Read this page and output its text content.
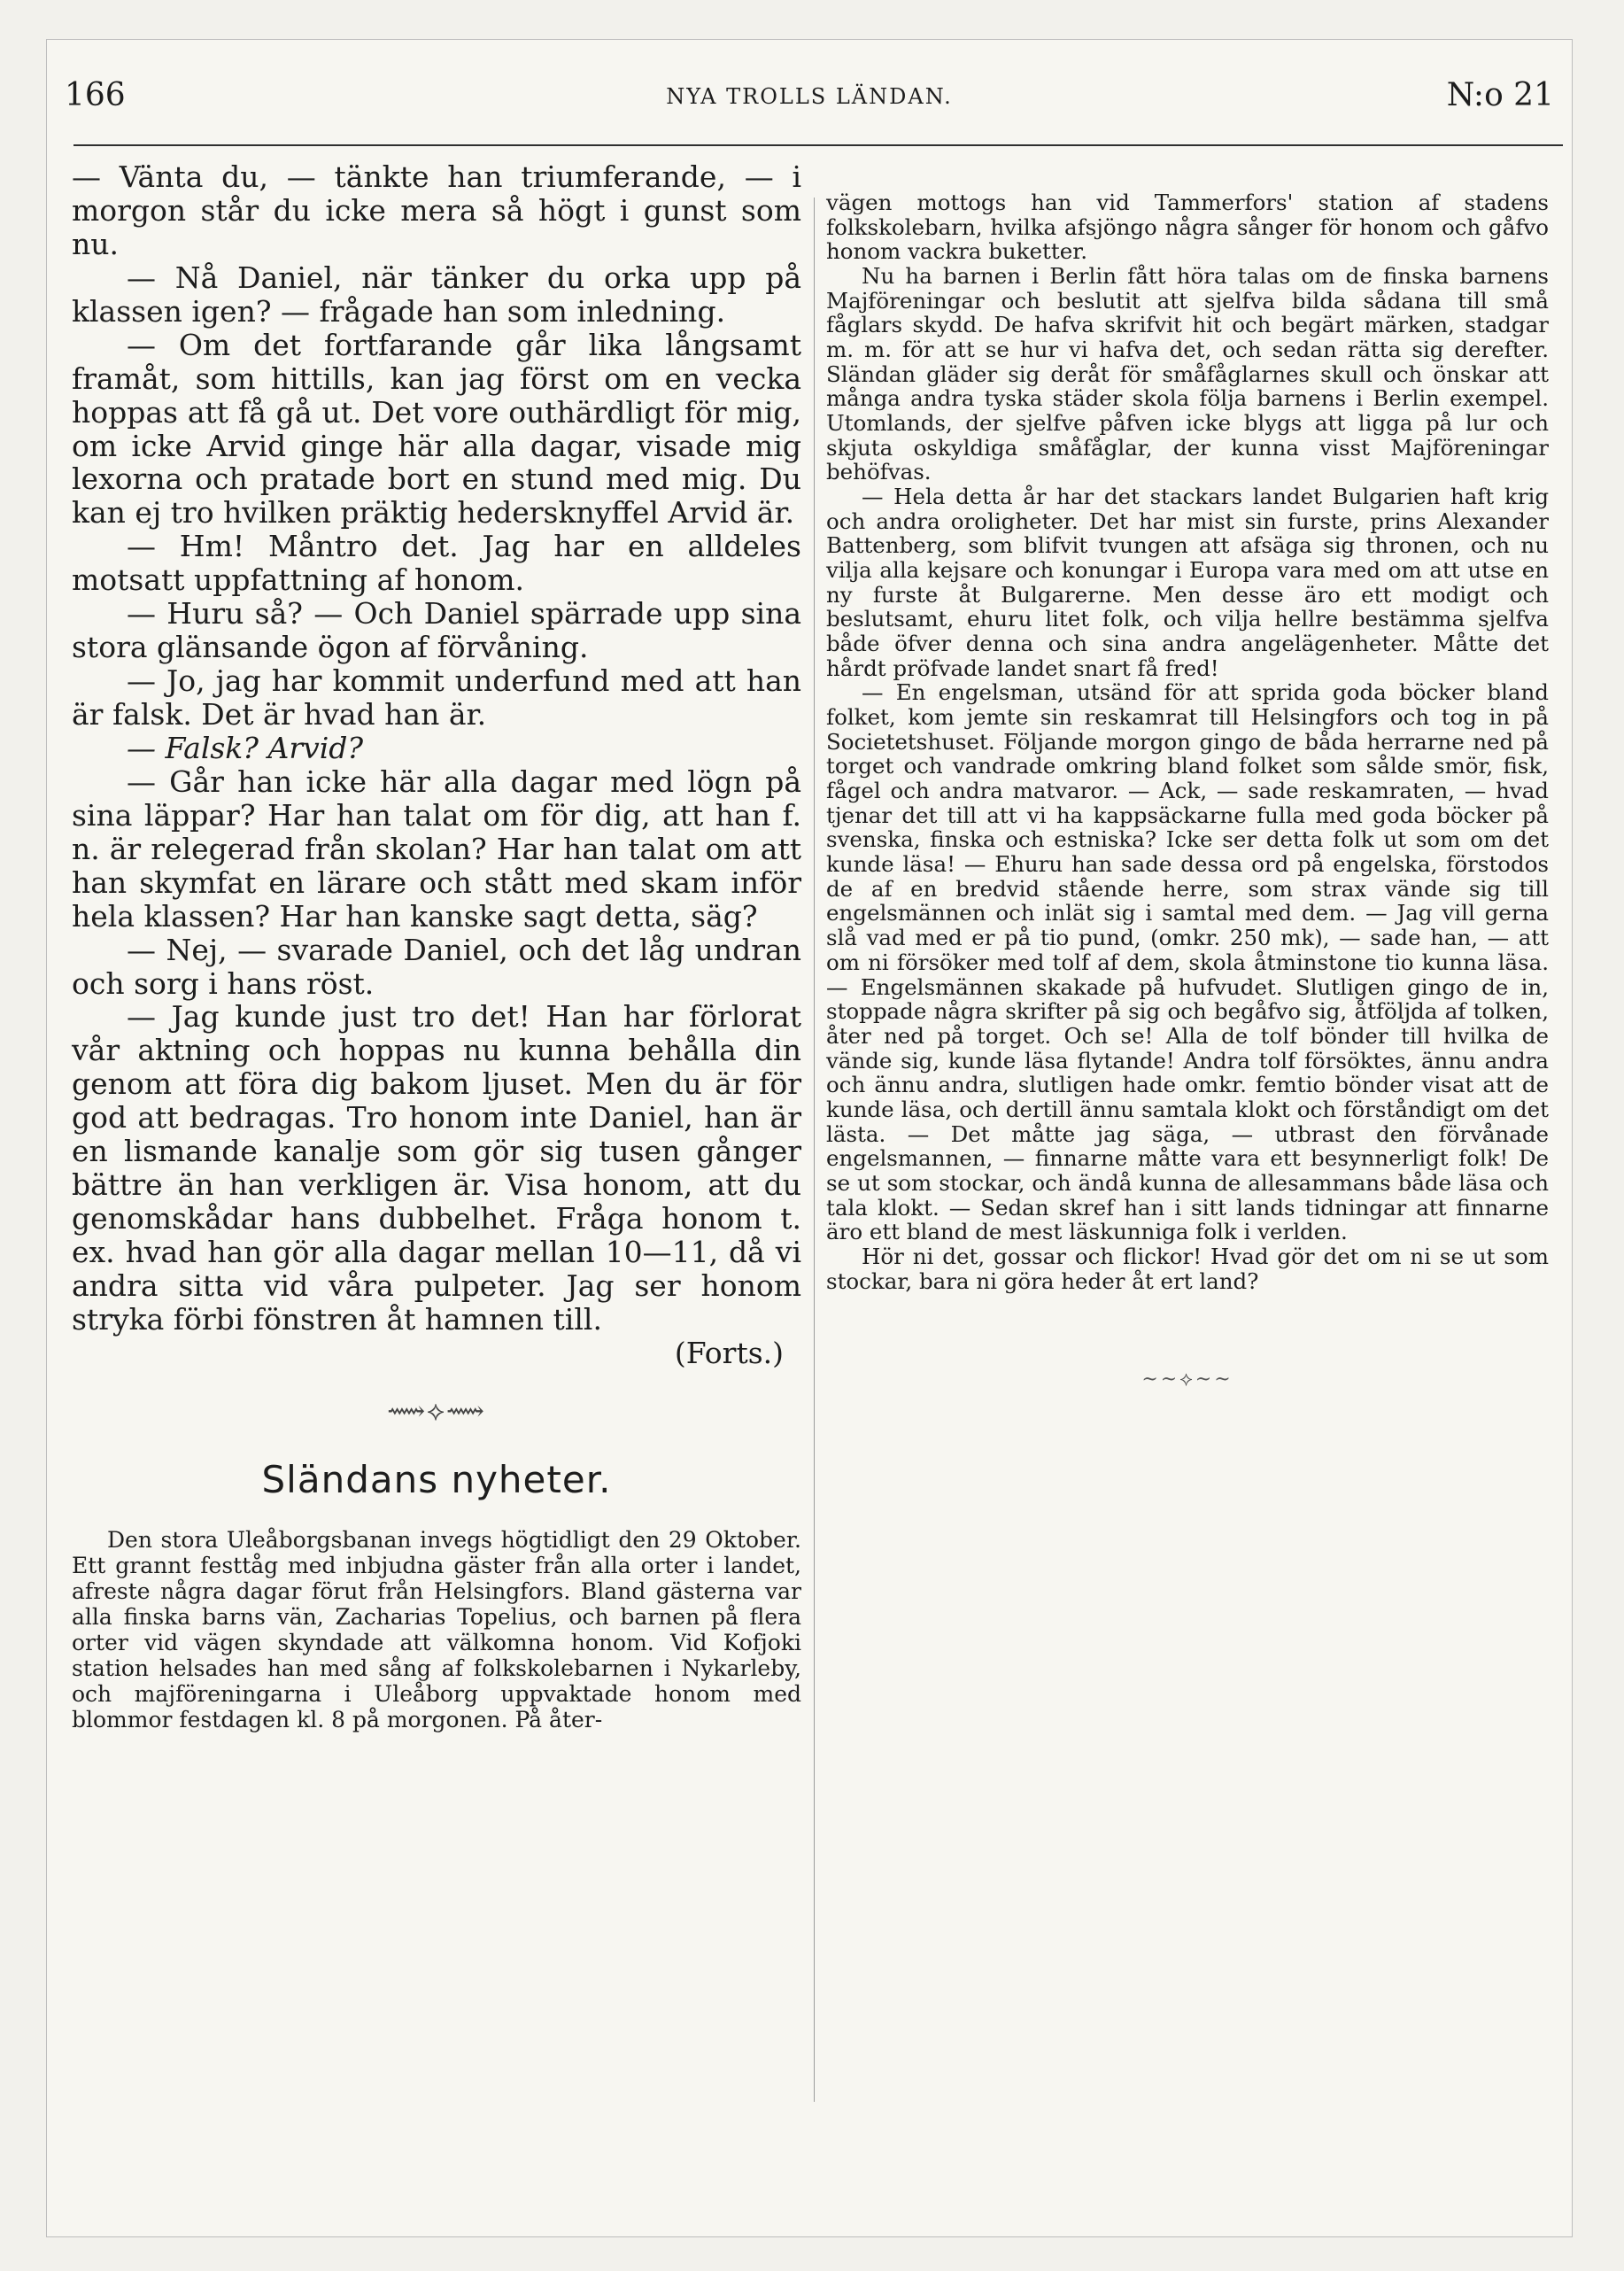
166	NYA TROLLS LÄNDAN.	N:o 21

— Vänta du, — tänkte han triumferande, — i morgon står du icke mera så högt i gunst som nu.

— Nå Daniel, när tänker du orka upp på klassen igen? — frågade han som inledning.

— Om det fortfarande går lika långsamt framåt, som hittills, kan jag först om en vecka hoppas att få gå ut. Det vore outhärdligt för mig, om icke Arvid ginge här alla dagar, visade mig lexorna och pratade bort en stund med mig. Du kan ej tro hvilken präktig hedersknyffel Arvid är.

— Hm! Måntro det. Jag har en alldeles motsatt uppfattning af honom.

— Huru så? — Och Daniel spärrade upp sina stora glänsande ögon af förvåning.

— Jo, jag har kommit underfund med att han är falsk. Det är hvad han är.

— Falsk? Arvid?

— Går han icke här alla dagar med lögn på sina läppar? Har han talat om för dig, att han f. n. är relegerad från skolan? Har han talat om att han skymfat en lärare och stått med skam inför hela klassen? Har han kanske sagt detta, säg?

— Nej, — svarade Daniel, och det låg undran och sorg i hans röst.

— Jag kunde just tro det! Han har förlorat vår aktning och hoppas nu kunna behålla din genom att föra dig bakom ljuset. Men du är för god att bedragas. Tro honom inte Daniel, han är en lismande kanalje som gör sig tusen gånger bättre än han verkligen är. Visa honom, att du genomskådar hans dubbelhet. Fråga honom t. ex. hvad han gör alla dagar mellan 10—11, då vi andra sitta vid våra pulpeter. Jag ser honom stryka förbi fönstren åt hamnen till.

(Forts.)

⟿⟡⟿
Sländans nyheter.

Den stora Uleåborgsbanan invegs högtidligt den 29 Oktober. Ett grannt festtåg med inbjudna gäster från alla orter i landet, afreste några dagar förut från Helsingfors. Bland gästerna var alla finska barns vän, Zacharias Topelius, och barnen på flera orter vid vägen skyndade att välkomna honom. Vid Kofjoki station helsades han med sång af folkskolebarnen i Nykarleby, och majföreningarna i Uleåborg uppvaktade honom med blommor festdagen kl. 8 på morgonen. På åter-

vägen mottogs han vid Tammerfors' station af stadens folkskolebarn, hvilka afsjöngo några sånger för honom och gåfvo honom vackra buketter.

Nu ha barnen i Berlin fått höra talas om de finska barnens Majföreningar och beslutit att sjelfva bilda sådana till små fåglars skydd. De hafva skrifvit hit och begärt märken, stadgar m. m. för att se hur vi hafva det, och sedan rätta sig derefter. Sländan gläder sig deråt för småfåglarnes skull och önskar att många andra tyska städer skola följa barnens i Berlin exempel. Utomlands, der sjelfve påfven icke blygs att ligga på lur och skjuta oskyldiga småfåglar, der kunna visst Majföreningar behöfvas.

— Hela detta år har det stackars landet Bulgarien haft krig och andra oroligheter. Det har mist sin furste, prins Alexander Battenberg, som blifvit tvungen att afsäga sig thronen, och nu vilja alla kejsare och konungar i Europa vara med om att utse en ny furste åt Bulgarerne. Men desse äro ett modigt och beslutsamt, ehuru litet folk, och vilja hellre bestämma sjelfva både öfver denna och sina andra angelägenheter. Måtte det hårdt pröfvade landet snart få fred!

— En engelsman, utsänd för att sprida goda böcker bland folket, kom jemte sin reskamrat till Helsingfors och tog in på Societetshuset. Följande morgon gingo de båda herrarne ned på torget och vandrade omkring bland folket som sålde smör, fisk, fågel och andra matvaror. — Ack, — sade reskamraten, — hvad tjenar det till att vi ha kappsäckarne fulla med goda böcker på svenska, finska och estniska? Icke ser detta folk ut som om det kunde läsa! — Ehuru han sade dessa ord på engelska, förstodos de af en bredvid stående herre, som strax vände sig till engelsmännen och inlät sig i samtal med dem. — Jag vill gerna slå vad med er på tio pund, (omkr. 250 mk), — sade han, — att om ni försöker med tolf af dem, skola åtminstone tio kunna läsa. — Engelsmännen skakade på hufvudet. Slutligen gingo de in, stoppade några skrifter på sig och begåfvo sig, åtföljda af tolken, åter ned på torget. Och se! Alla de tolf bönder till hvilka de vände sig, kunde läsa flytande! Andra tolf försöktes, ännu andra och ännu andra, slutligen hade omkr. femtio bönder visat att de kunde läsa, och dertill ännu samtala klokt och förståndigt om det lästa. — Det måtte jag säga, — utbrast den förvånade engelsmannen, — finnarne måtte vara ett besynnerligt folk! De se ut som stockar, och ändå kunna de allesammans både läsa och tala klokt. — Sedan skref han i sitt lands tidningar att finnarne äro ett bland de mest läskunniga folk i verlden.

Hör ni det, gossar och flickor! Hvad gör det om ni se ut som stockar, bara ni göra heder åt ert land?

~~⟡~~
